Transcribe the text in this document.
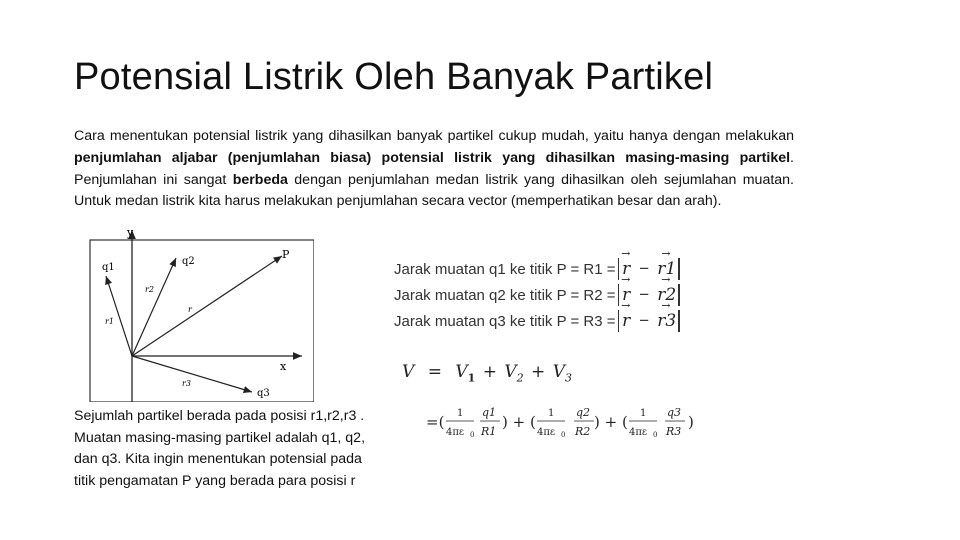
Potensial Listrik Oleh Banyak Partikel
Cara menentukan potensial listrik yang dihasilkan banyak partikel cukup mudah, yaitu hanya dengan melakukan penjumlahan aljabar (penjumlahan biasa) potensial listrik yang dihasilkan masing-masing partikel. Penjumlahan ini sangat berbeda dengan penjumlahan medan listrik yang dihasilkan oleh sejumlahan muatan. Untuk medan listrik kita harus melakukan penjumlahan secara vector (memperhatikan besar dan arah).
y
x
q1
q2
P
q3
r1
r2
r
r3
Sejumlah partikel berada pada posisi r1,r2,r3 . Muatan masing-masing partikel adalah q1, q2, dan q3. Kita ingin menentukan potensial pada titik pengamatan P yang berada para posisi r
Jarak muatan q1 ke titik P = R1 = → r − → r1
Jarak muatan q2 ke titik P = R2 = → r − → r2
Jarak muatan q3 ke titik P = R3 = → r − → r3
$V = V_1 + V_2 + V_3$
=( 1
4πε 0
q1
R1
) + ( 1
4πε 0
q2
R2
) + ( 1
4πε 0
q3
R3
)
